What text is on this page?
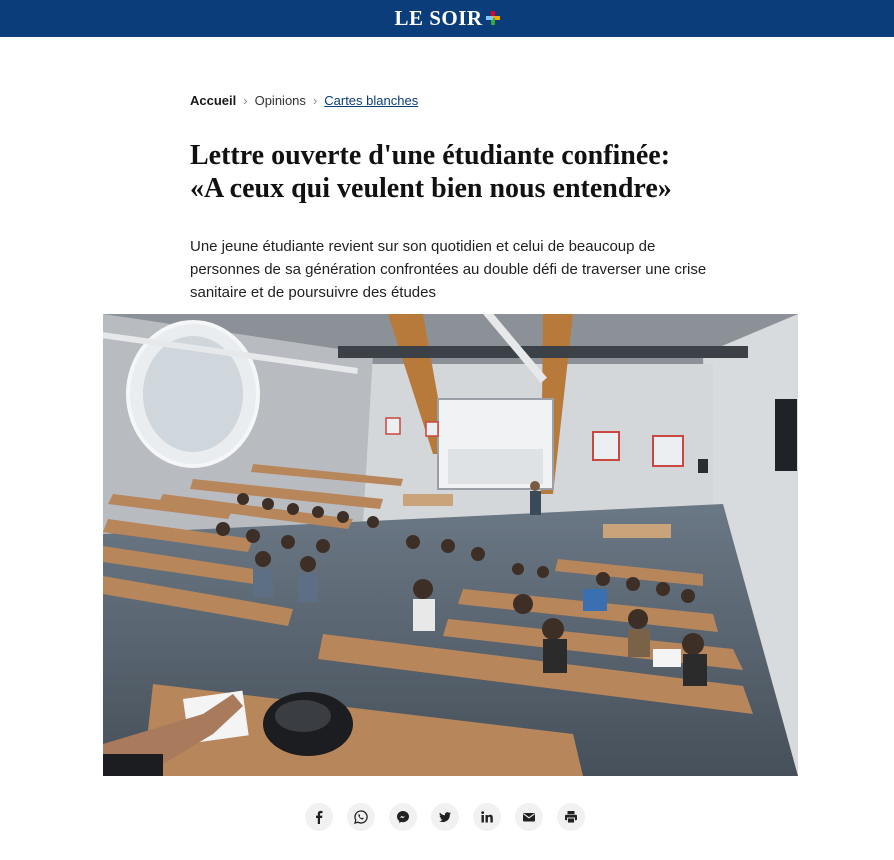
LE SOIR
Accueil › Opinions › Cartes blanches
Lettre ouverte d'une étudiante confinée:
«A ceux qui veulent bien nous entendre»

Une jeune étudiante revient sur son quotidien et celui de beaucoup de personnes de sa génération confrontées au double défi de traverser une crise sanitaire et de poursuivre des études
